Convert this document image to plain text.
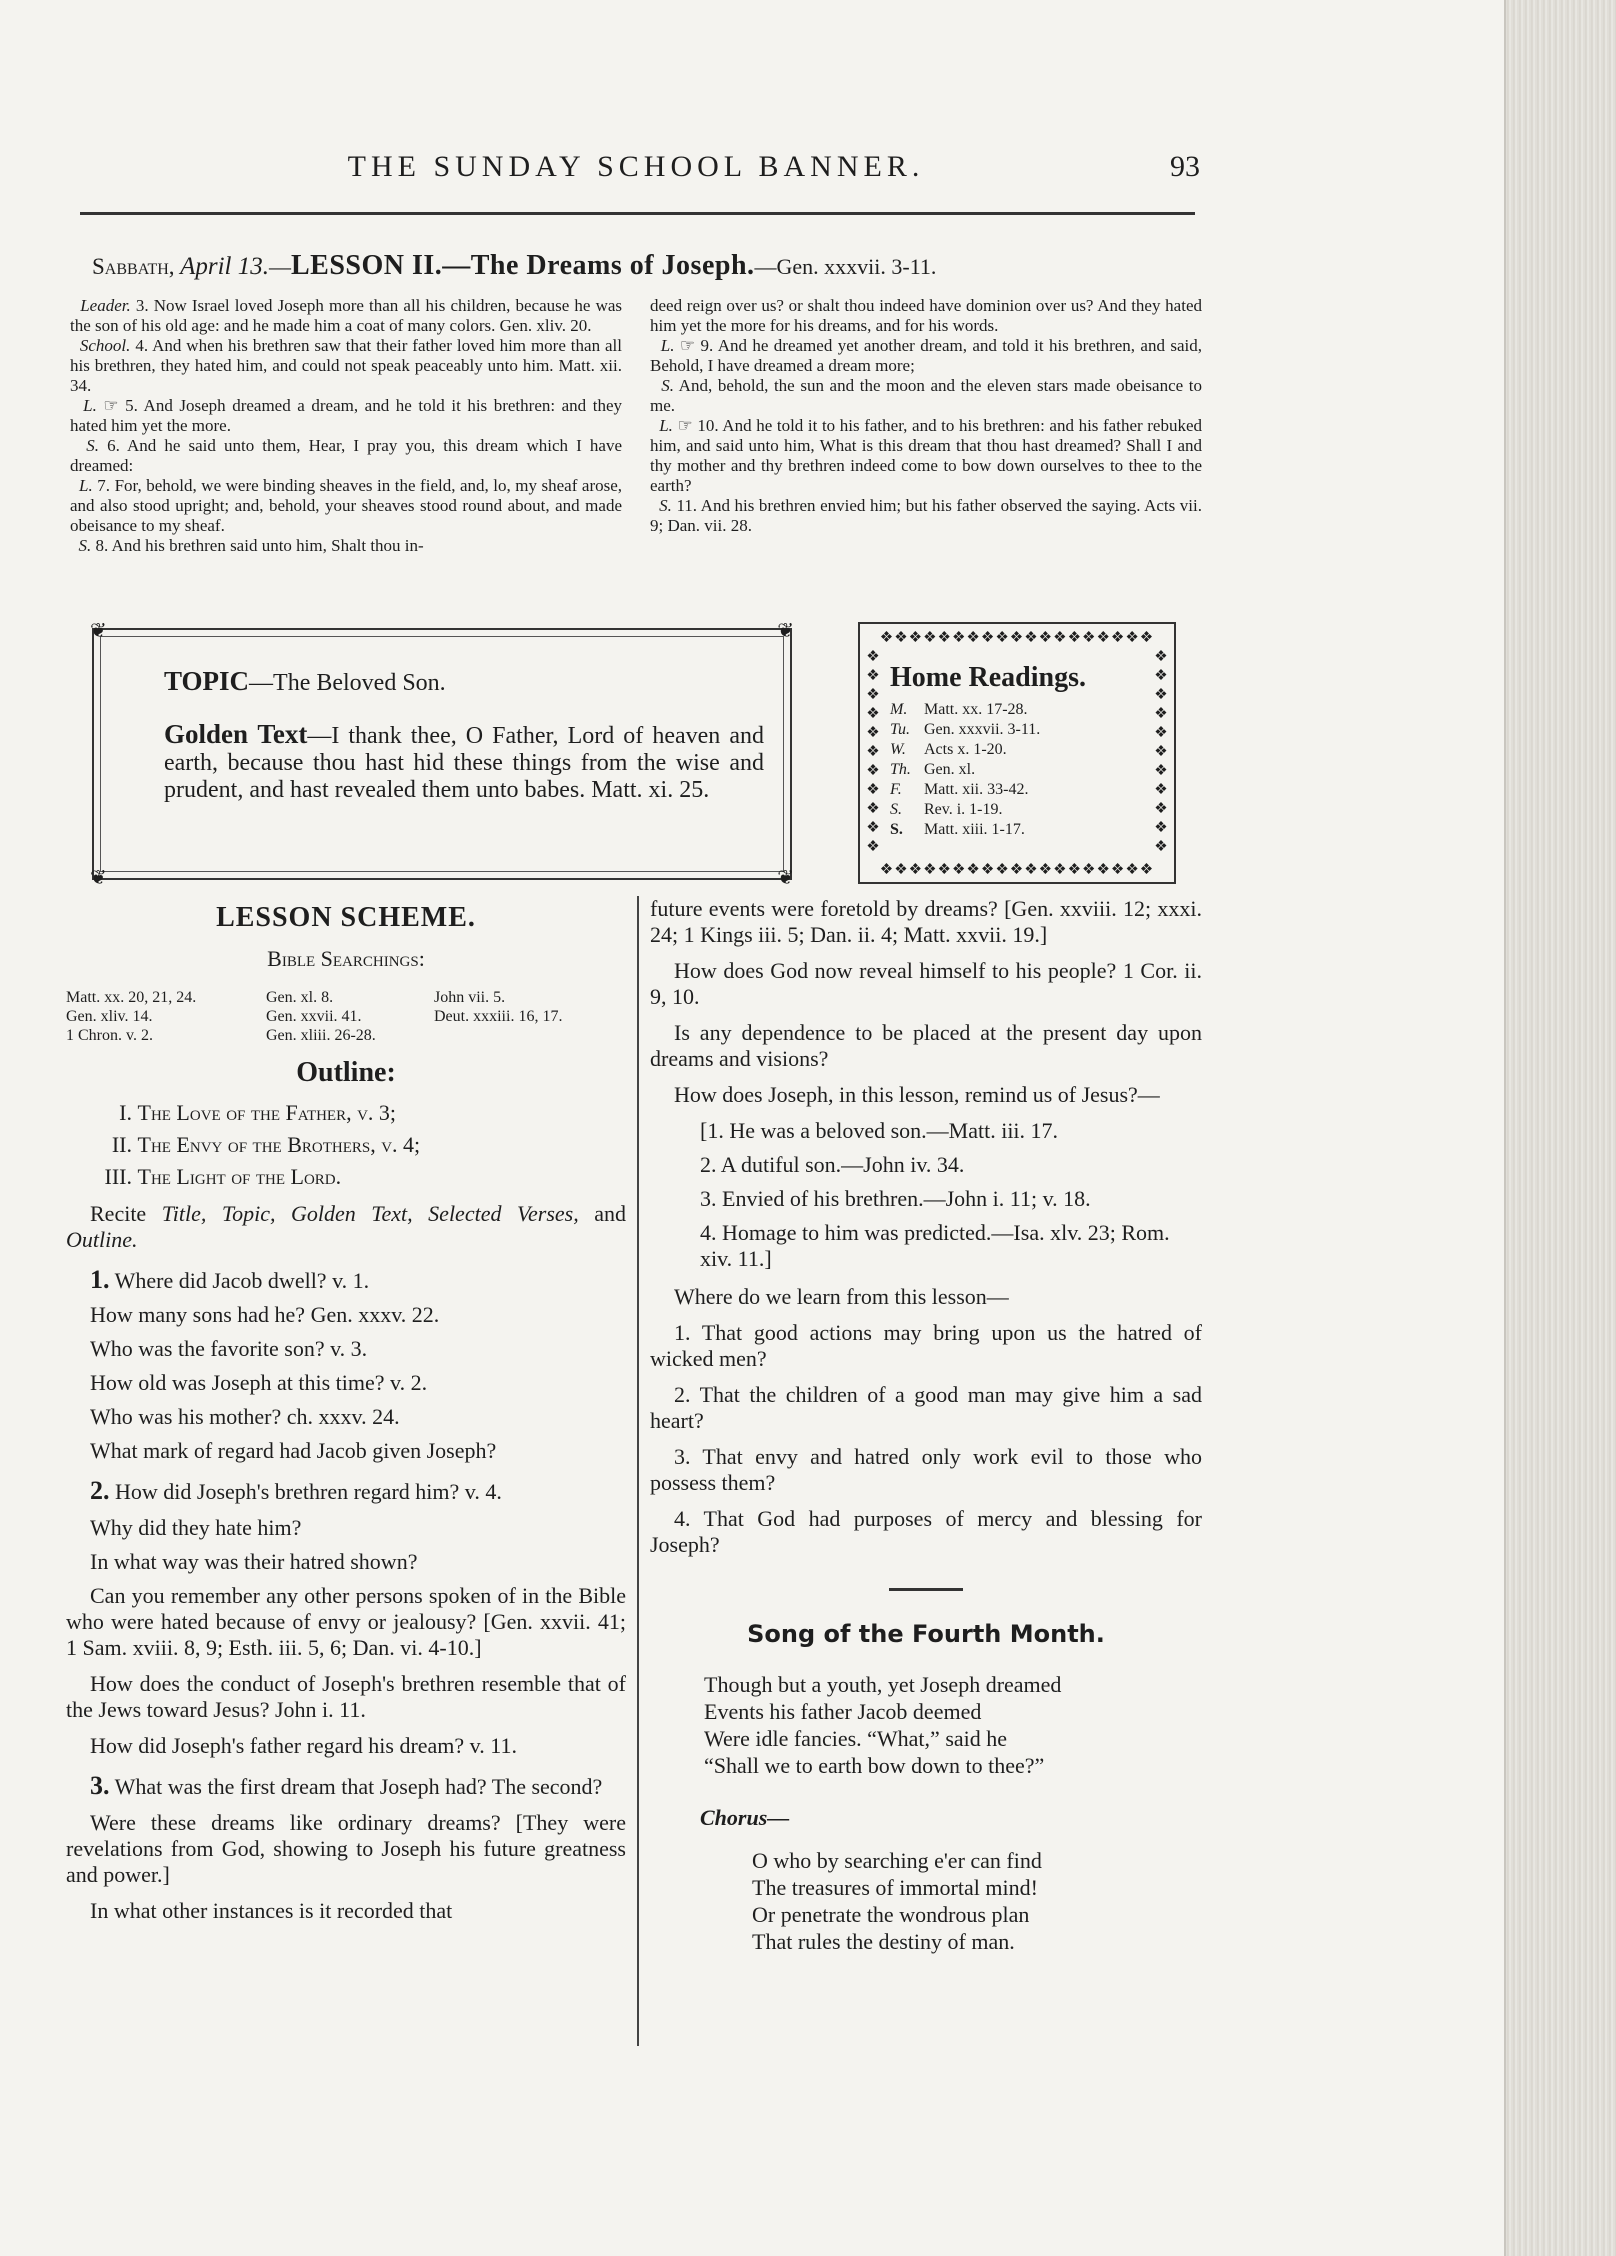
THE SUNDAY SCHOOL BANNER.	93
Sabbath, April 13.—LESSON II.—The Dreams of Joseph.—Gen. xxxvii. 3-11.

Leader. 3. Now Israel loved Joseph more than all his children, because he was the son of his old age: and he made him a coat of many colors. Gen. xliv. 20.

School. 4. And when his brethren saw that their father loved him more than all his brethren, they hated him, and could not speak peaceably unto him. Matt. xii. 34.

L. ☞ 5. And Joseph dreamed a dream, and he told it his brethren: and they hated him yet the more.

S. 6. And he said unto them, Hear, I pray you, this dream which I have dreamed:

L. 7. For, behold, we were binding sheaves in the field, and, lo, my sheaf arose, and also stood upright; and, behold, your sheaves stood round about, and made obeisance to my sheaf.

S. 8. And his brethren said unto him, Shalt thou in-

deed reign over us? or shalt thou indeed have dominion over us? And they hated him yet the more for his dreams, and for his words.

L. ☞ 9. And he dreamed yet another dream, and told it his brethren, and said, Behold, I have dreamed a dream more;

S. And, behold, the sun and the moon and the eleven stars made obeisance to me.

L. ☞ 10. And he told it to his father, and to his brethren: and his father rebuked him, and said unto him, What is this dream that thou hast dreamed? Shall I and thy mother and thy brethren indeed come to bow down ourselves to thee to the earth?

S. 11. And his brethren envied him; but his father observed the saying. Acts vii. 9; Dan. vii. 28.

❦	❦
❦	❦

TOPIC—The Beloved Son.

Golden Text—I thank thee, O Father, Lord of heaven and earth, because thou hast hid these things from the wise and prudent, and hast revealed them unto babes. Matt. xi. 25.

❖❖❖❖❖❖❖❖❖❖❖❖❖❖❖❖❖❖❖
❖❖❖❖❖❖❖❖❖❖❖❖❖❖❖❖❖❖❖
❖
❖
❖
❖
❖
❖
❖
❖
❖
❖
❖
❖
❖
❖
❖
❖
❖
❖
❖
❖
❖
❖
Home Readings.
M. Matt. xx. 17-28.
Tu. Gen. xxxvii. 3-11.
W. Acts x. 1-20.
Th. Gen. xl.
F. Matt. xii. 33-42.
S. Rev. i. 1-19.
S. Matt. xiii. 1-17.
LESSON SCHEME.
Bible Searchings:
Matt. xx. 20, 21, 24.	Gen. xl. 8.	John vii. 5.
Gen. xliv. 14.	Gen. xxvii. 41.	Deut. xxxiii. 16, 17.
1 Chron. v. 2.	Gen. xliii. 26-28.
Outline:
I. The Love of the Father, v. 3;
II. The Envy of the Brothers, v. 4;
III. The Light of the Lord.

Recite Title, Topic, Golden Text, Selected Verses, and Outline.

1. Where did Jacob dwell? v. 1.

How many sons had he? Gen. xxxv. 22.

Who was the favorite son? v. 3.

How old was Joseph at this time? v. 2.

Who was his mother? ch. xxxv. 24.

What mark of regard had Jacob given Joseph?

2. How did Joseph's brethren regard him? v. 4.

Why did they hate him?

In what way was their hatred shown?

Can you remember any other persons spoken of in the Bible who were hated because of envy or jealousy? [Gen. xxvii. 41; 1 Sam. xviii. 8, 9; Esth. iii. 5, 6; Dan. vi. 4-10.]

How does the conduct of Joseph's brethren resemble that of the Jews toward Jesus? John i. 11.

How did Joseph's father regard his dream? v. 11.

3. What was the first dream that Joseph had? The second?

Were these dreams like ordinary dreams? [They were revelations from God, showing to Joseph his future greatness and power.]

In what other instances is it recorded that

future events were foretold by dreams? [Gen. xxviii. 12; xxxi. 24; 1 Kings iii. 5; Dan. ii. 4; Matt. xxvii. 19.]

How does God now reveal himself to his people? 1 Cor. ii. 9, 10.

Is any dependence to be placed at the present day upon dreams and visions?

How does Joseph, in this lesson, remind us of Jesus?—

[1. He was a beloved son.—Matt. iii. 17.
2. A dutiful son.—John iv. 34.
3. Envied of his brethren.—John i. 11; v. 18.
4. Homage to him was predicted.—Isa. xlv. 23; Rom. xiv. 11.]

Where do we learn from this lesson—

1. That good actions may bring upon us the hatred of wicked men?

2. That the children of a good man may give him a sad heart?

3. That envy and hatred only work evil to those who possess them?

4. That God had purposes of mercy and blessing for Joseph?

Song of the Fourth Month.
Though but a youth, yet Joseph dreamed
Events his father Jacob deemed
Were idle fancies. “What,” said he
“Shall we to earth bow down to thee?”
Chorus—
O who by searching e'er can find
The treasures of immortal mind!
Or penetrate the wondrous plan
That rules the destiny of man.
